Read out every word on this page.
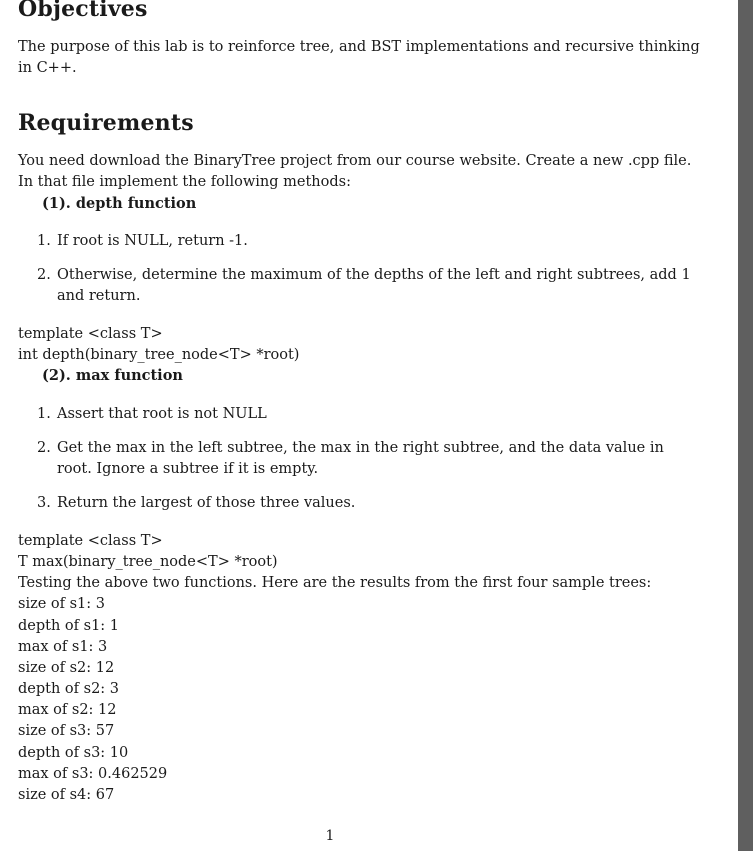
Objectives
The purpose of this lab is to reinforce tree, and BST implementations and recursive thinking
in C++.
Requirements
You need download the BinaryTree project from our course website. Create a new .cpp file.
In that file implement the following methods:
(1). depth function
1. If root is NULL, return -1.
2. Otherwise, determine the maximum of the depths of the left and right subtrees, add 1
and return.
template <class T>
int depth(binary_tree_node<T> *root)
(2). max function
1. Assert that root is not NULL
2. Get the max in the left subtree, the max in the right subtree, and the data value in
root. Ignore a subtree if it is empty.
3. Return the largest of those three values.
template <class T>
T max(binary_tree_node<T> *root)
Testing the above two functions. Here are the results from the first four sample trees:
size of s1: 3
depth of s1: 1
max of s1: 3
size of s2: 12
depth of s2: 3
max of s2: 12
size of s3: 57
depth of s3: 10
max of s3: 0.462529
size of s4: 67
1
